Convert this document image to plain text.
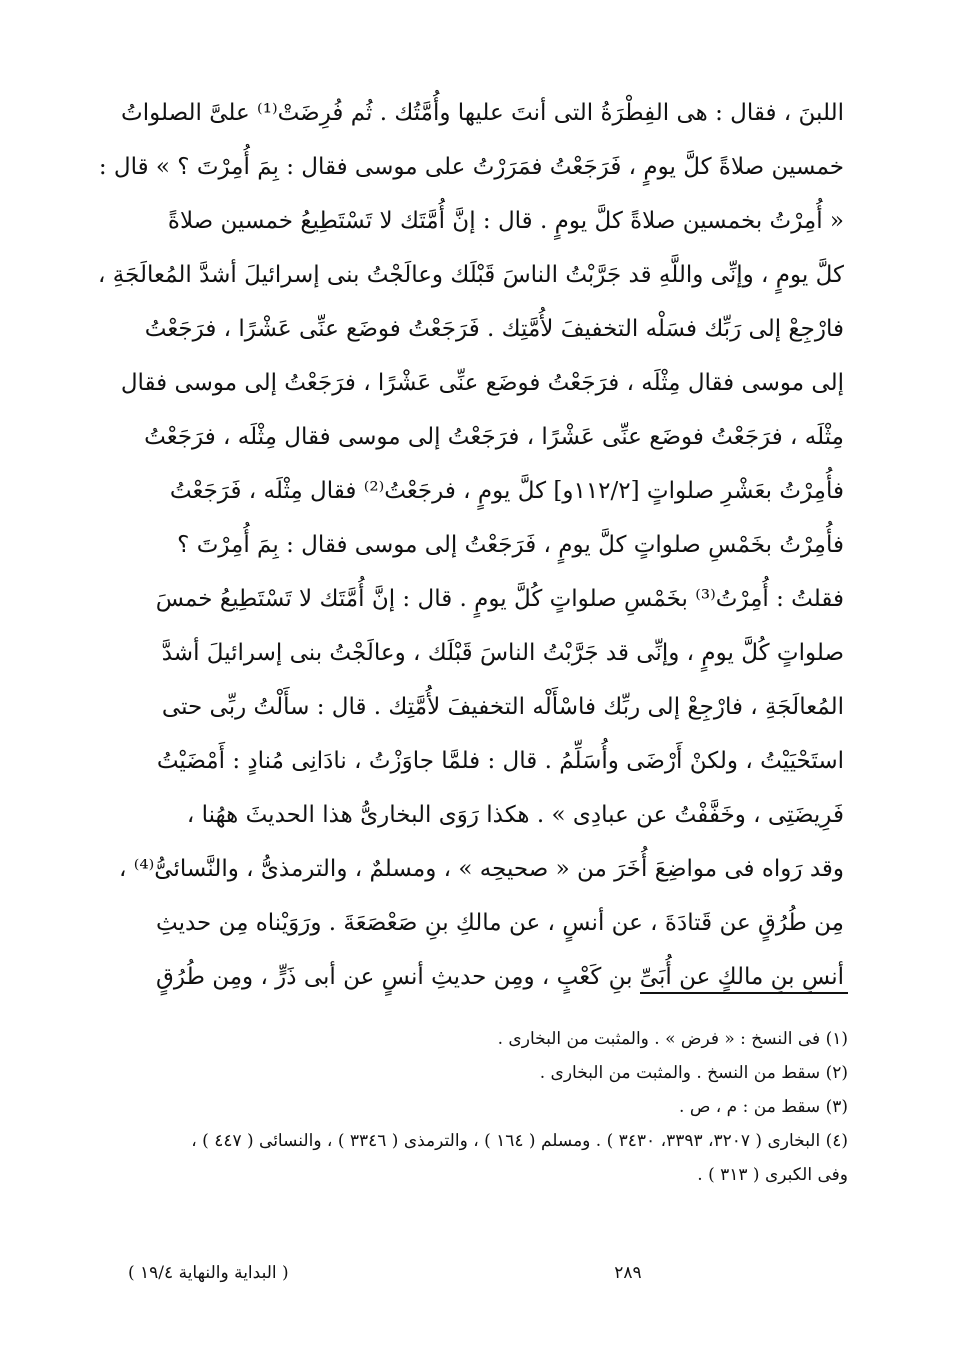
اللبنَ ، فقال : هى الفِطْرَةُ التى أنتَ عليها وأُمَّتُك . ثُم فُرِضَتْ⁽¹⁾ علىَّ الصلواتُ
خمسين صلاةً كلَّ يومٍ ، فَرَجَعْتُ فمَرَرْتُ على موسى فقال : بِمَ أُمِرْتَ ؟ » قال :
« أُمِرْتُ بخمسين صلاةً كلَّ يومٍ . قال : إنَّ أُمَّتَك لا تَسْتَطِيعُ خمسين صلاةً
كلَّ يومٍ ، وإنِّى واللَّهِ قد جَرَّبْتُ الناسَ قَبْلَك وعالَجْتُ بنى إسرائيلَ أشدَّ المُعالَجَةِ ،
فارْجِعْ إلى رَبِّك فسَلْه التخفيفَ لأُمَّتِك . فَرَجَعْتُ فوضَع عنِّى عَشْرًا ، فرَجَعْتُ
إلى موسى فقال مِثْلَه ، فرَجَعْتُ فوضَع عنِّى عَشْرًا ، فرَجَعْتُ إلى موسى فقال
مِثْلَه ، فرَجَعْتُ فوضَع عنِّى عَشْرًا ، فرَجَعْتُ إلى موسى فقال مِثْلَه ، فرَجَعْتُ
فأُمِرْتُ بعَشْرِ صلواتٍ [١١٢/٢و] كلَّ يومٍ ، فرجَعْتُ⁽²⁾ فقال مِثْلَه ، فَرَجَعْتُ
فأُمِرْتُ بخَمْسِ صلواتٍ كلَّ يومٍ ، فَرَجَعْتُ إلى موسى فقال : بِمَ أُمِرْتَ ؟
فقلتُ : أُمِرْتُ⁽³⁾ بخَمْسِ صلواتٍ كُلَّ يومٍ . قال : إنَّ أُمَّتَك لا تَسْتَطِيعُ خمسَ
صلواتٍ كُلَّ يومٍ ، وإنِّى قد جَرَّبْتُ الناسَ قَبْلَك ، وعالَجْتُ بنى إسرائيلَ أشدَّ
المُعالَجَةِ ، فارْجِعْ إلى ربِّك فاسْأَلْه التخفيفَ لأُمَّتِك . قال : سأَلْتُ ربِّى حتى
استَحْيَيْتُ ، ولكنْ أَرْضَى وأُسَلِّمُ . قال : فلمَّا جاوَزْتُ ، نادَانِى مُنادٍ : أَمْضَيْتُ
فَرِيضَتِى ، وخَفَّفْتُ عن عبادِى » . هكذا رَوَى البخارىُّ هذا الحديثَ ههُنا ،
وقد رَواه فى مواضِعَ أُخَرَ من « صحيحِه » ، ومسلمٌ ، والترمذىُّ ، والنَّسائىُّ⁽⁴⁾ ،
مِن طُرُقٍ عن قَتادَةَ ، عن أنسٍ ، عن مالكِ بنِ صَعْصَعَةَ . ورَوَيْناه مِن حديثِ
أنسِ بنِ مالكٍ عن أُبَىِّ بنِ كَعْبٍ ، ومِن حديثِ أنسٍ عن أبى ذَرٍّ ، ومِن طُرُقٍ
(١) فى النسخ : « فرض » . والمثبت من البخارى .
(٢) سقط من النسخ . والمثبت من البخارى .
(٣) سقط من : م ، ص .
(٤) البخارى ( ٣٢٠٧، ٣٣٩٣، ٣٤٣٠ ) . ومسلم ( ١٦٤ ) ، والترمذى ( ٣٣٤٦ ) ، والنسائى ( ٤٤٧ ) ،
وفى الكبرى ( ٣١٣ ) .
٢٨٩
( البداية والنهاية ١٩/٤ )
